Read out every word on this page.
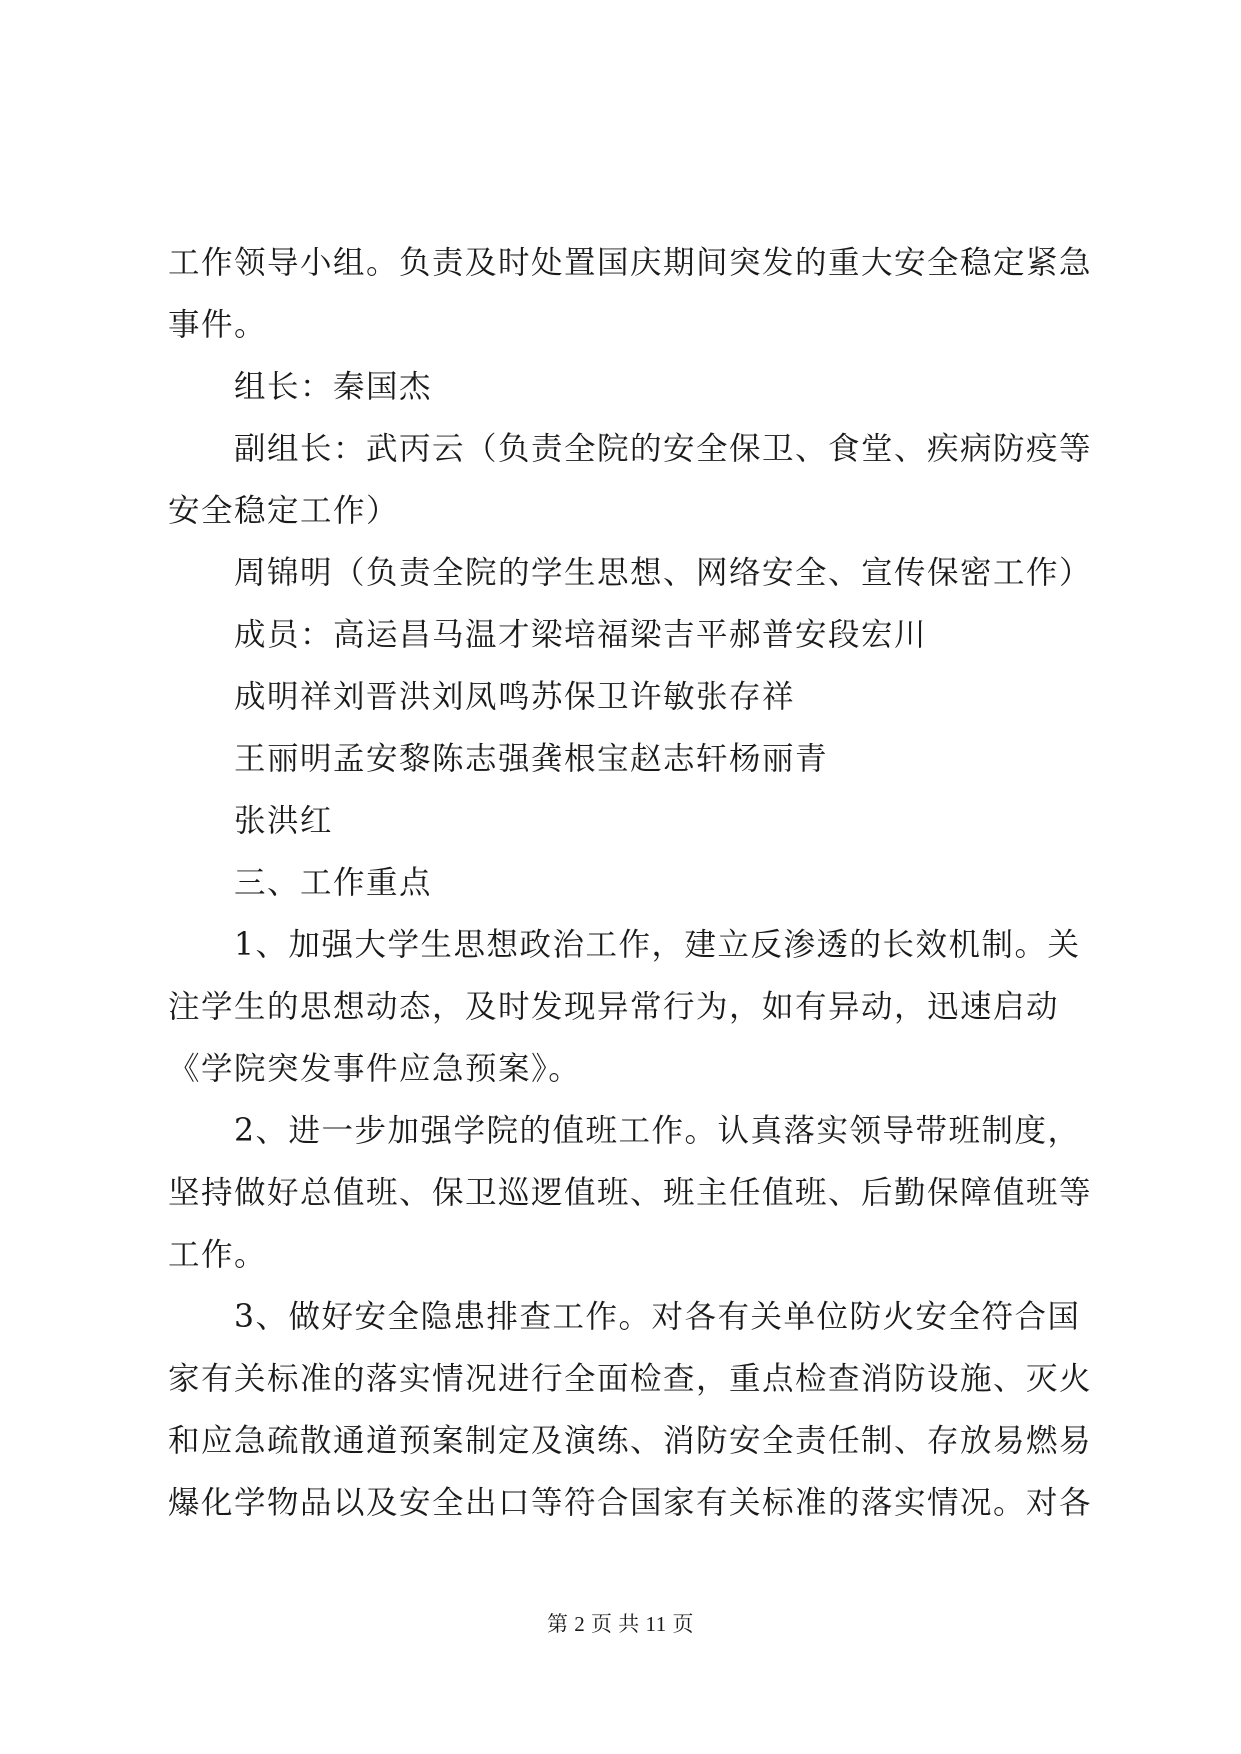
工作领导小组。负责及时处置国庆期间突发的重大安全稳定紧急

事件。

组长：秦国杰

副组长：武丙云（负责全院的安全保卫、食堂、疾病防疫等

安全稳定工作）

周锦明（负责全院的学生思想、网络安全、宣传保密工作）

成员：高运昌马温才梁培福梁吉平郝普安段宏川

成明祥刘晋洪刘凤鸣苏保卫许敏张存祥

王丽明孟安黎陈志强龚根宝赵志轩杨丽青

张洪红

三、工作重点

1、加强大学生思想政治工作，建立反渗透的长效机制。关

注学生的思想动态，及时发现异常行为，如有异动，迅速启动

《学院突发事件应急预案》。

2、进一步加强学院的值班工作。认真落实领导带班制度，

坚持做好总值班、保卫巡逻值班、班主任值班、后勤保障值班等

工作。

3、做好安全隐患排查工作。对各有关单位防火安全符合国

家有关标准的落实情况进行全面检查，重点检查消防设施、灭火

和应急疏散通道预案制定及演练、消防安全责任制、存放易燃易

爆化学物品以及安全出口等符合国家有关标准的落实情况。对各

第 2 页 共 11 页
